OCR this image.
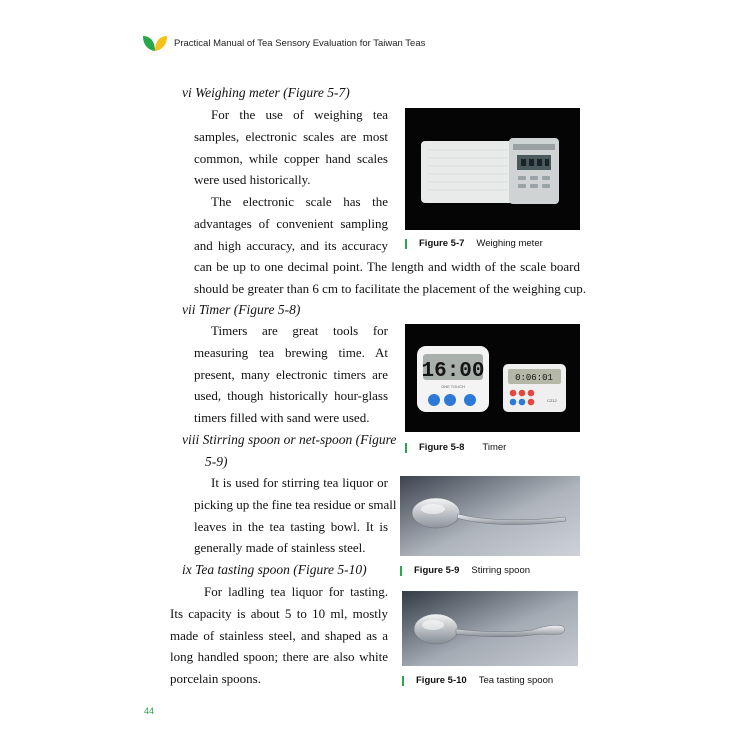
Practical Manual of Tea Sensory Evaluation for Taiwan Teas
vi Weighing meter (Figure 5-7)
For the use of weighing tea
samples, electronic scales are most
common, while copper hand scales
were used historically.
The electronic scale has the
advantages of convenient sampling
and high accuracy, and its accuracy
can be up to one decimal point. The length and width of the scale board
should be greater than 6 cm to facilitate the placement of the weighing cup.
Figure 5-7 Weighing meter
vii Timer (Figure 5-8)
Timers are great tools for
measuring tea brewing time. At
present, many electronic timers are
used, though historically hour-glass
timers filled with sand were used.
16:00
ONE TOUCH
0:06:01
CZ12
Figure 5-8 Timer
viii Stirring spoon or net-spoon (Figure
5-9)
It is used for stirring tea liquor or
picking up the fine tea residue or small
leaves in the tea tasting bowl. It is
generally made of stainless steel.
Figure 5-9 Stirring spoon
ix Tea tasting spoon (Figure 5-10)
For ladling tea liquor for tasting.
Its capacity is about 5 to 10 ml, mostly
made of stainless steel, and shaped as a
long handled spoon; there are also white
porcelain spoons.	Figure 5-10 Tea tasting spoon
44
